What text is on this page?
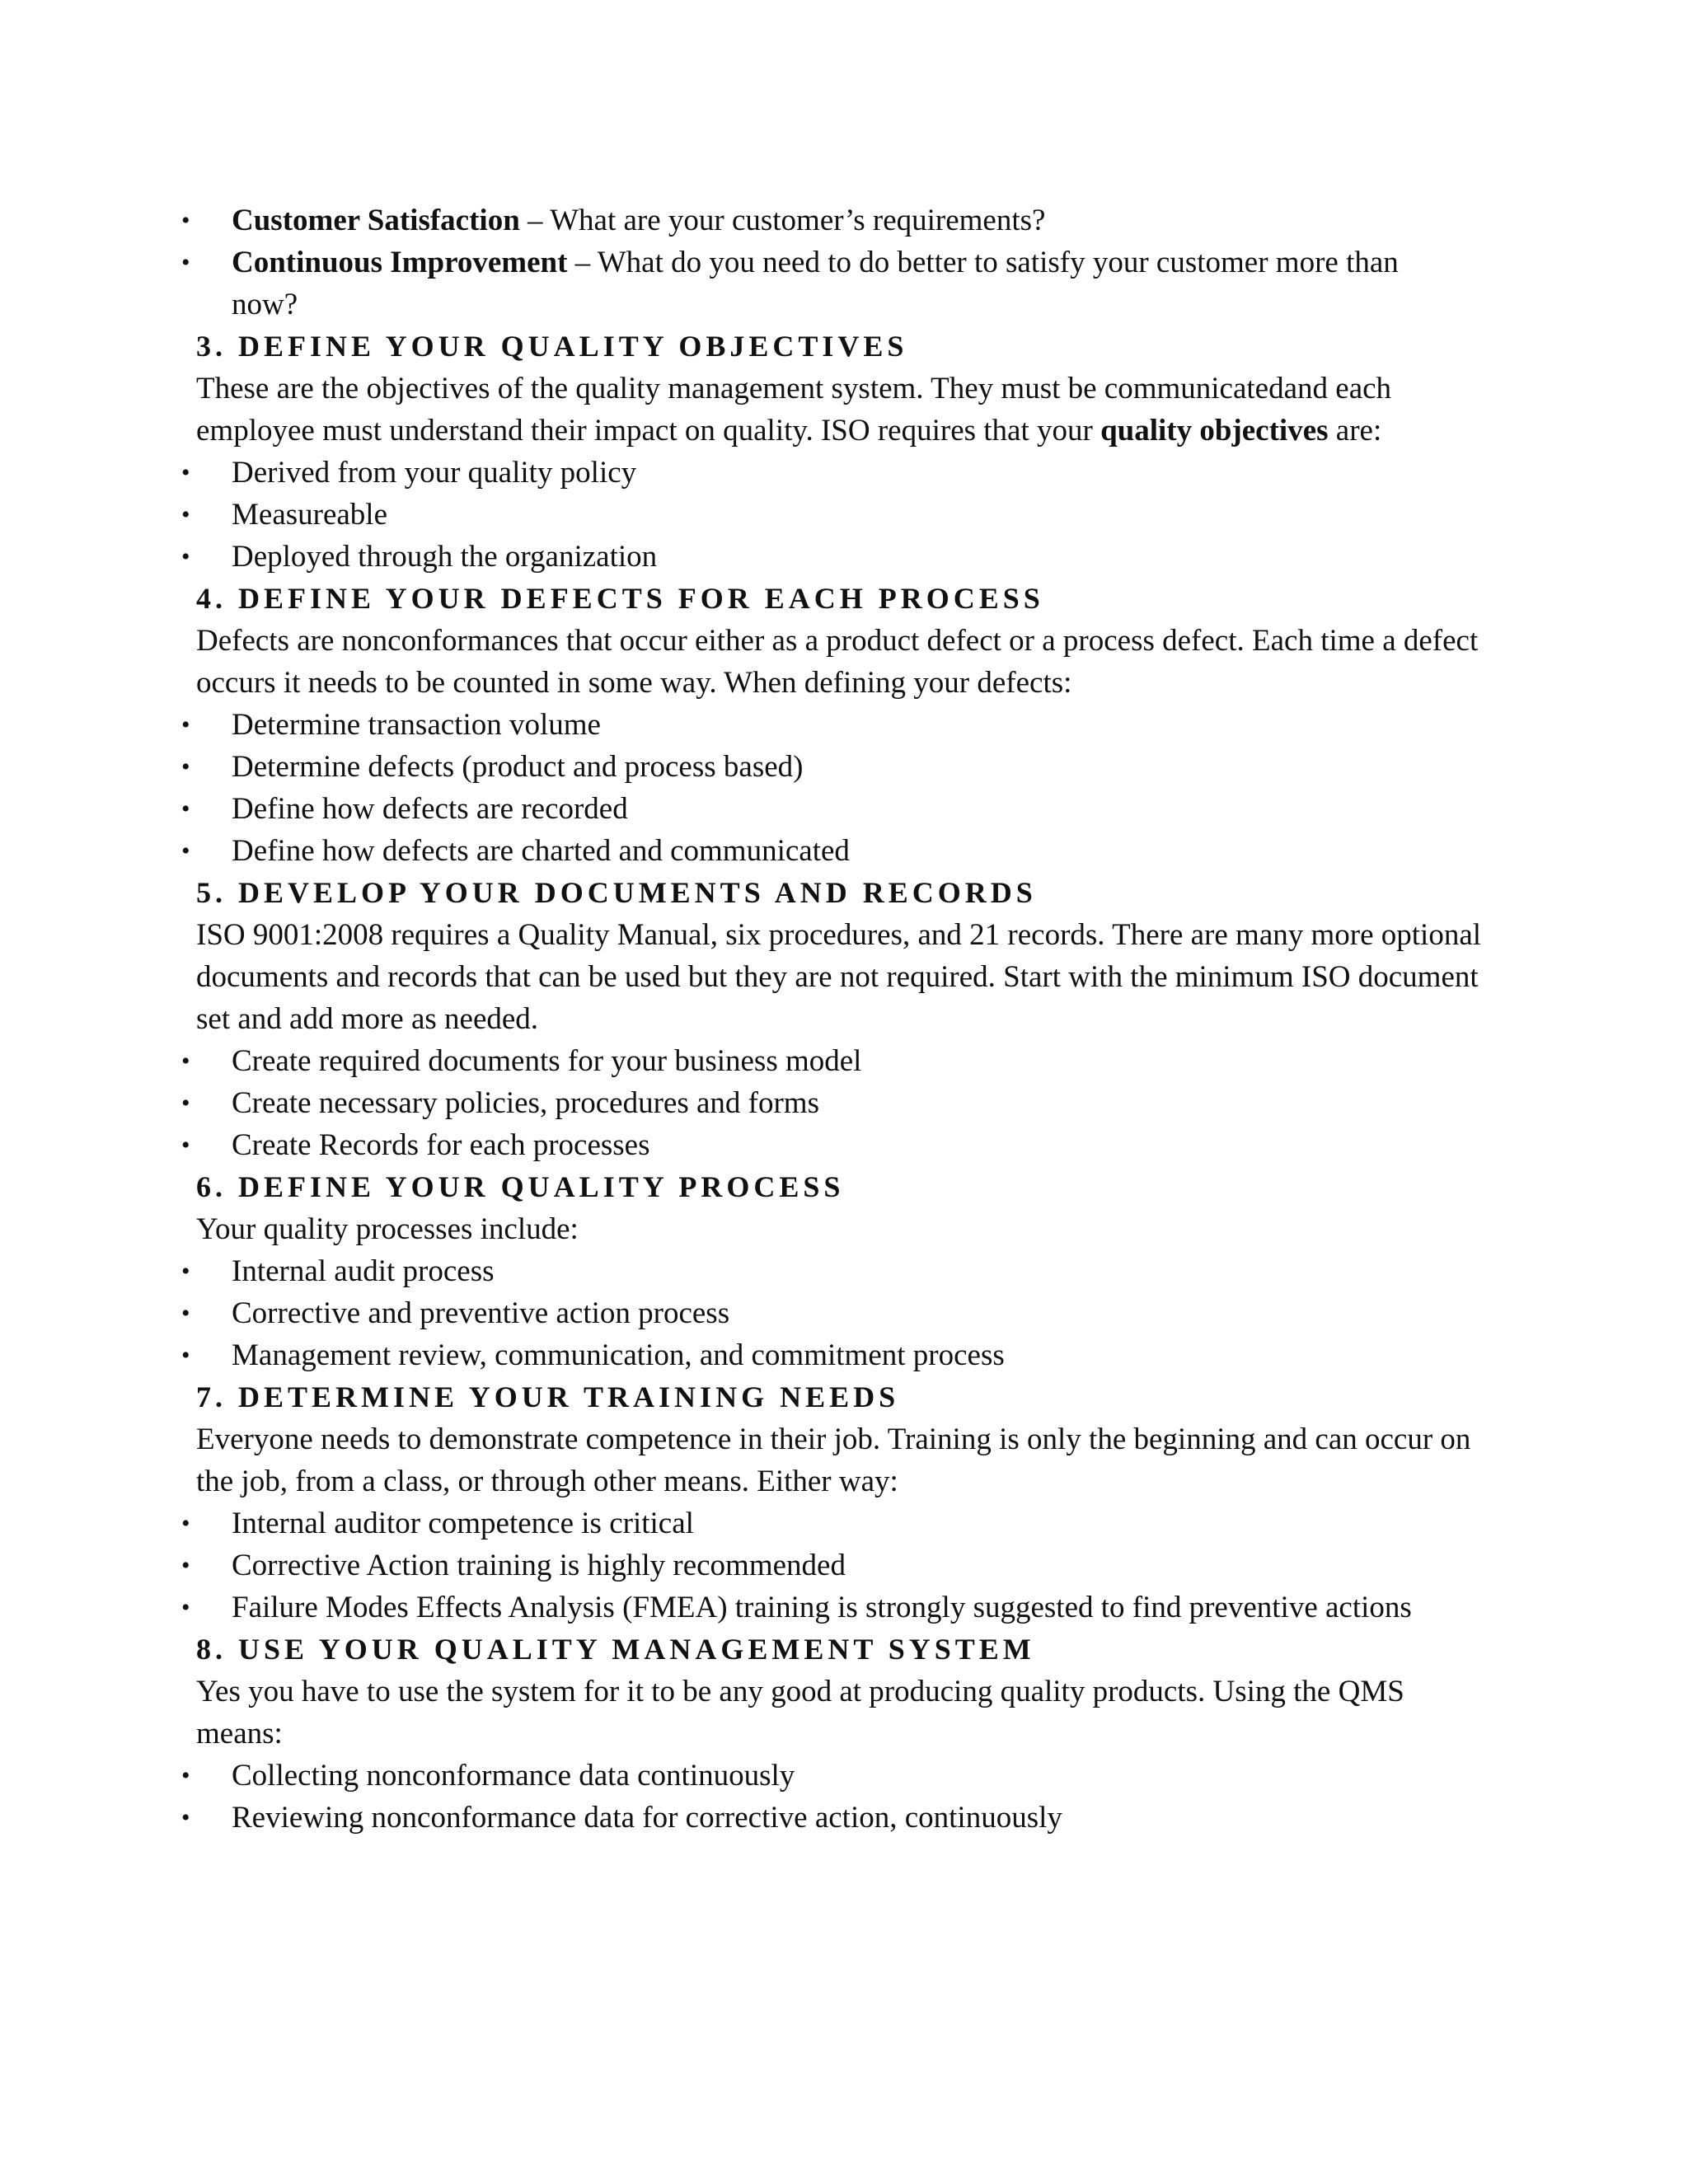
• Customer Satisfaction – What are your customer’s requirements?
• Continuous Improvement – What do you need to do better to satisfy your customer more than now?
3. DEFINE YOUR QUALITY OBJECTIVES

These are the objectives of the quality management system. They must be communicatedand each employee must understand their impact on quality. ISO requires that your quality objectives are:

• Derived from your quality policy
• Measureable
• Deployed through the organization
4. DEFINE YOUR DEFECTS FOR EACH PROCESS

Defects are nonconformances that occur either as a product defect or a process defect. Each time a defect occurs it needs to be counted in some way. When defining your defects:

• Determine transaction volume
• Determine defects (product and process based)
• Define how defects are recorded
• Define how defects are charted and communicated
5. DEVELOP YOUR DOCUMENTS AND RECORDS

ISO 9001:2008 requires a Quality Manual, six procedures, and 21 records. There are many more optional documents and records that can be used but they are not required. Start with the minimum ISO document set and add more as needed.

• Create required documents for your business model
• Create necessary policies, procedures and forms
• Create Records for each processes
6. DEFINE YOUR QUALITY PROCESS

Your quality processes include:

• Internal audit process
• Corrective and preventive action process
• Management review, communication, and commitment process
7. DETERMINE YOUR TRAINING NEEDS

Everyone needs to demonstrate competence in their job. Training is only the beginning and can occur on the job, from a class, or through other means. Either way:

• Internal auditor competence is critical
• Corrective Action training is highly recommended
• Failure Modes Effects Analysis (FMEA) training is strongly suggested to find preventive actions
8. USE YOUR QUALITY MANAGEMENT SYSTEM

Yes you have to use the system for it to be any good at producing quality products. Using the QMS means:

• Collecting nonconformance data continuously
• Reviewing nonconformance data for corrective action, continuously
